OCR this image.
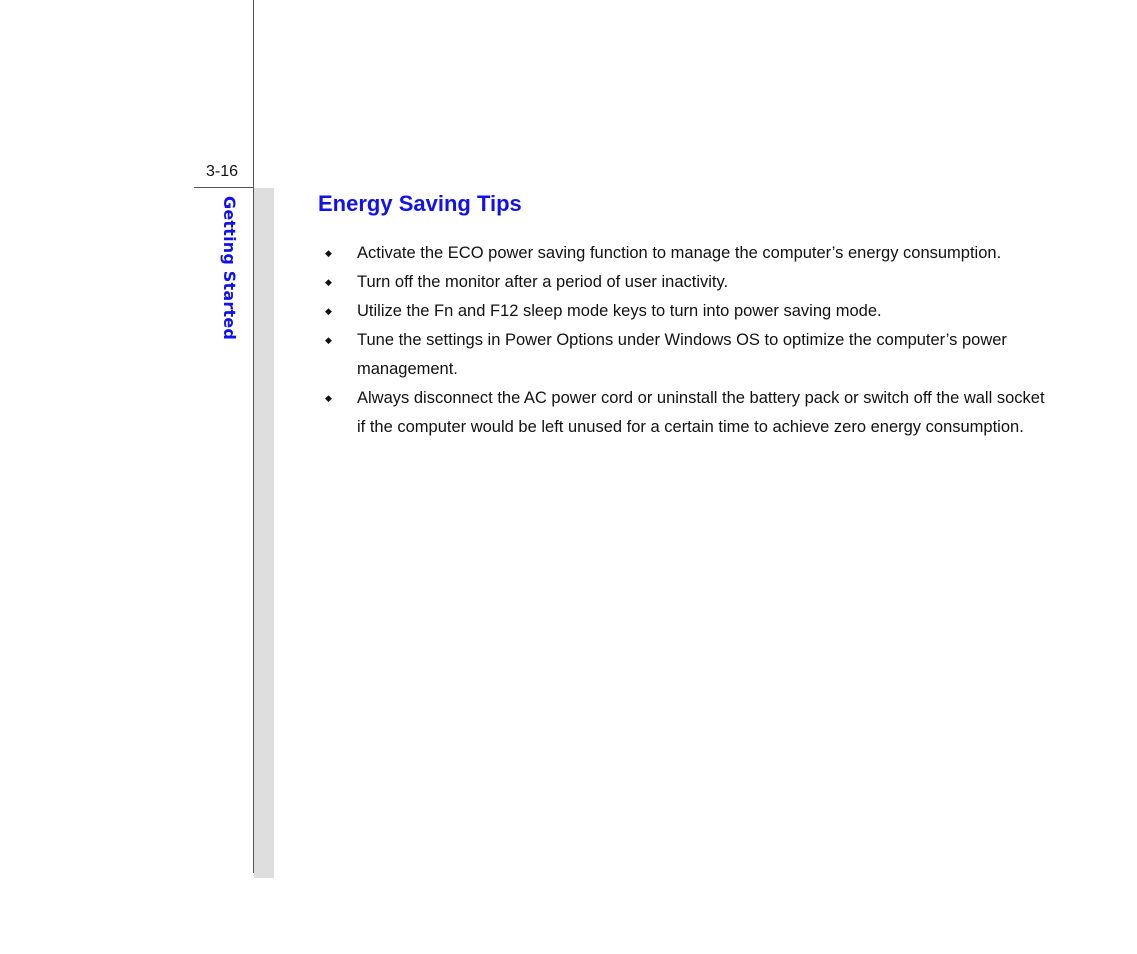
3-16
Getting Started	Energy Saving Tips
◆ Activate the ECO power saving function to manage the computer’s energy consumption.
◆ Turn off the monitor after a period of user inactivity.
◆ Utilize the Fn and F12 sleep mode keys to turn into power saving mode.
◆ Tune the settings in Power Options under Windows OS to optimize the computer’s power management.
◆ Always disconnect the AC power cord or uninstall the battery pack or switch off the wall socket if the computer would be left unused for a certain time to achieve zero energy consumption.
